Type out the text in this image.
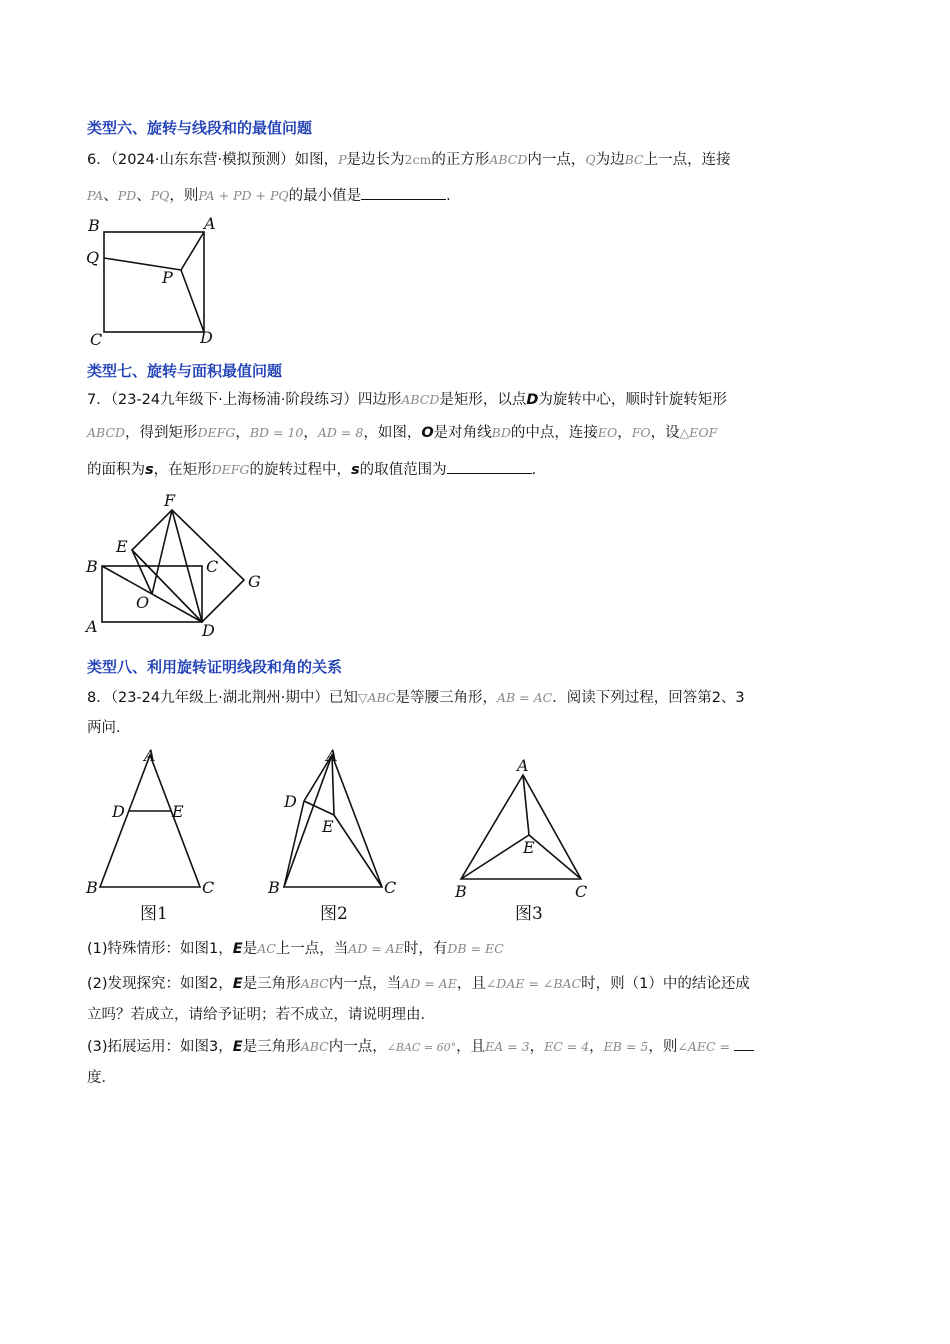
类型六、旋转与线段和的最值问题
6．（2024·山东东营·模拟预测）如图，P是边长为2cm的正方形ABCD内一点，Q为边BC上一点，连接
PA、PD、PQ，则PA + PD + PQ的最小值是	.
B	A
Q
P
C	D
类型七、旋转与面积最值问题
7．（23-24九年级下·上海杨浦·阶段练习）四边形ABCD是矩形，以点D为旋转中心，顺时针旋转矩形
ABCD，得到矩形DEFG，BD = 10，AD = 8，如图，O是对角线BD的中点，连接EO，FO，设△EOF
的面积为s，在矩形DEFG的旋转过程中，s的取值范围为	.
F
E
B	C
G
O
A	D
类型八、利用旋转证明线段和角的关系
8．（23-24九年级上·湖北荆州·期中）已知▽ABC是等腰三角形，AB = AC．阅读下列过程，回答第2、3
两问．
A
D	E
B	C
图1
A
D
E
B	C
图2
A
E
B	C
图3
(1)特殊情形：如图1，E是AC上一点，当AD = AE时，有DB = EC
(2)发现探究：如图2，E是三角形ABC内一点，当AD = AE，且∠DAE = ∠BAC时，则（1）中的结论还成
立吗？若成立，请给予证明；若不成立，请说明理由．
(3)拓展运用：如图3，E是三角形ABC内一点，∠BAC = 60°，且EA = 3，EC = 4，EB = 5，则∠AEC =
度．
